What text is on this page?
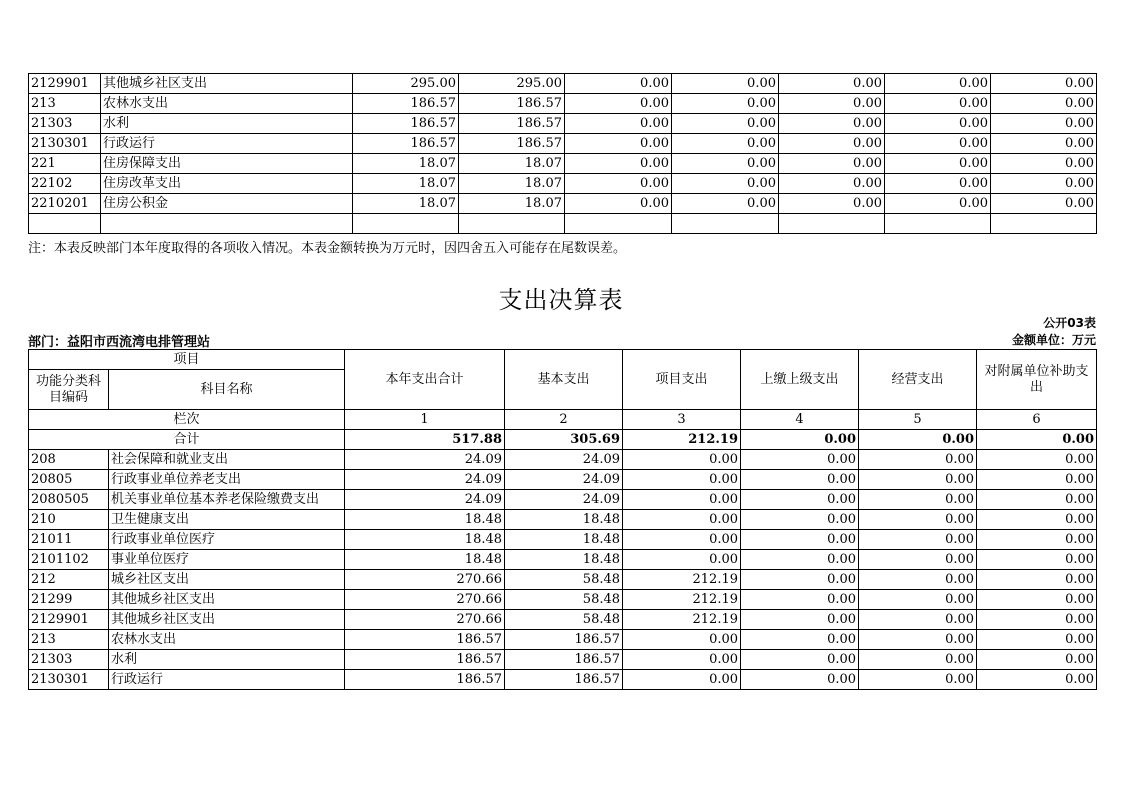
2129901	其他城乡社区支出	295.00	295.00	0.00	0.00	0.00	0.00	0.00
213	农林水支出	186.57	186.57	0.00	0.00	0.00	0.00	0.00
21303	水利	186.57	186.57	0.00	0.00	0.00	0.00	0.00
2130301	行政运行	186.57	186.57	0.00	0.00	0.00	0.00	0.00
221	住房保障支出	18.07	18.07	0.00	0.00	0.00	0.00	0.00
22102	住房改革支出	18.07	18.07	0.00	0.00	0.00	0.00	0.00
2210201	住房公积金	18.07	18.07	0.00	0.00	0.00	0.00	0.00

注：本表反映部门本年度取得的各项收入情况。本表金额转换为万元时，因四舍五入可能存在尾数误差。
支出决算表
公开03表
部门：益阳市西流湾电排管理站	金额单位：万元
项目		本年支出合计	基本支出	项目支出	上缴上级支出	经营支出	对附属单位补助支出
功能分类科目编码	科目名称						
栏次		1	2	3	4	5	6
合计		517.88	305.69	212.19	0.00	0.00	0.00
208	社会保障和就业支出	24.09	24.09	0.00	0.00	0.00	0.00
20805	行政事业单位养老支出	24.09	24.09	0.00	0.00	0.00	0.00
2080505	机关事业单位基本养老保险缴费支出	24.09	24.09	0.00	0.00	0.00	0.00
210	卫生健康支出	18.48	18.48	0.00	0.00	0.00	0.00
21011	行政事业单位医疗	18.48	18.48	0.00	0.00	0.00	0.00
2101102	事业单位医疗	18.48	18.48	0.00	0.00	0.00	0.00
212	城乡社区支出	270.66	58.48	212.19	0.00	0.00	0.00
21299	其他城乡社区支出	270.66	58.48	212.19	0.00	0.00	0.00
2129901	其他城乡社区支出	270.66	58.48	212.19	0.00	0.00	0.00
213	农林水支出	186.57	186.57	0.00	0.00	0.00	0.00
21303	水利	186.57	186.57	0.00	0.00	0.00	0.00
2130301	行政运行	186.57	186.57	0.00	0.00	0.00	0.00
